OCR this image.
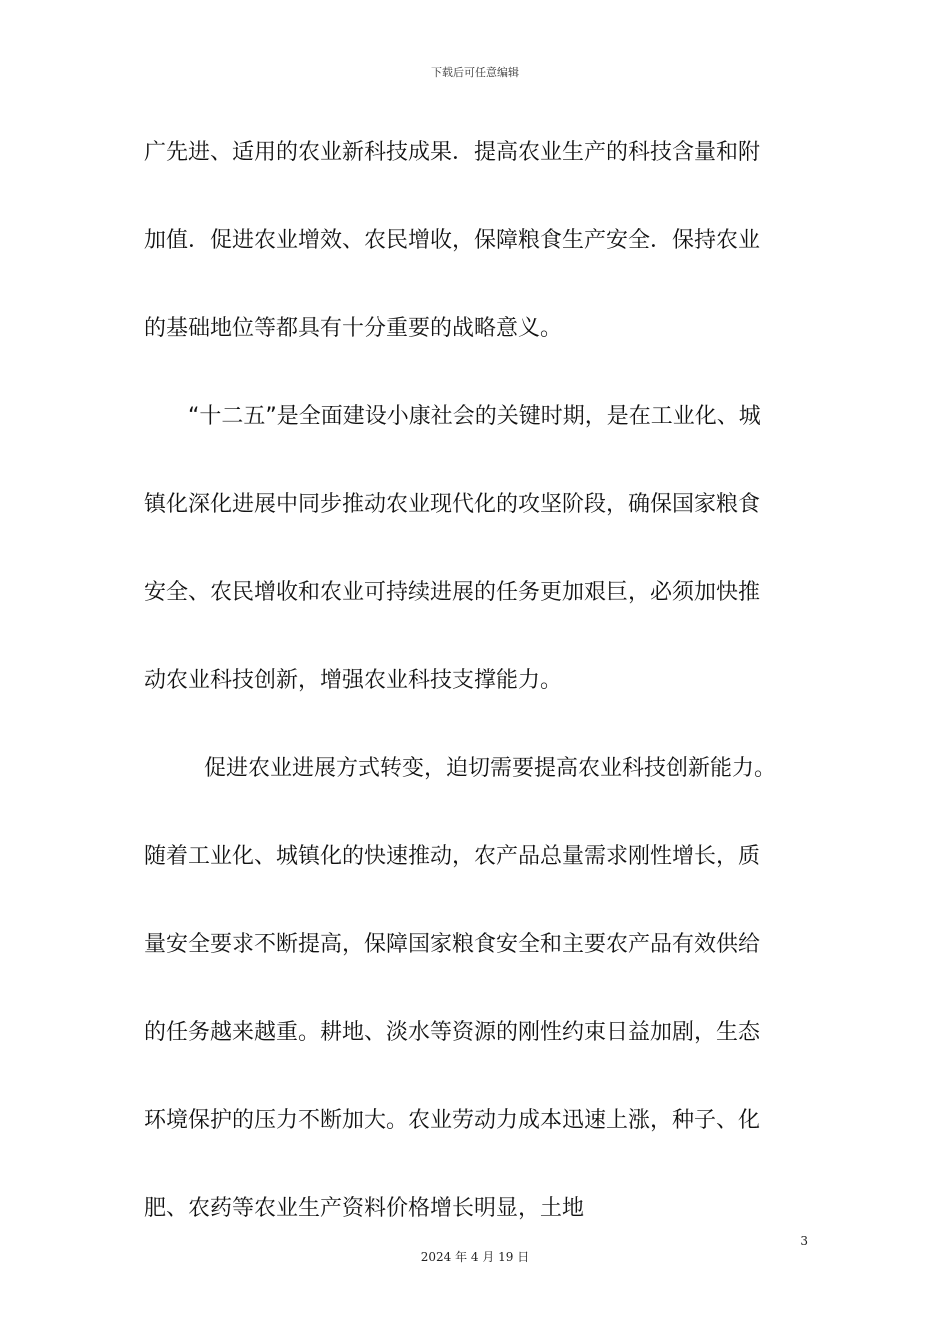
下载后可任意编辑
广先进、适用的农业新科技成果．提高农业生产的科技含量和附
加值．促进农业增效、农民增收，保障粮食生产安全．保持农业
的基础地位等都具有十分重要的战略意义。
“十二五”是全面建设小康社会的关键时期，是在工业化、城
镇化深化进展中同步推动农业现代化的攻坚阶段，确保国家粮食
安全、农民增收和农业可持续进展的任务更加艰巨，必须加快推
动农业科技创新，增强农业科技支撑能力。
促进农业进展方式转变，迫切需要提高农业科技创新能力。
随着工业化、城镇化的快速推动，农产品总量需求刚性增长，质
量安全要求不断提高，保障国家粮食安全和主要农产品有效供给
的任务越来越重。耕地、淡水等资源的刚性约束日益加剧，生态
环境保护的压力不断加大。农业劳动力成本迅速上涨，种子、化
肥、农药等农业生产资料价格增长明显，土地
3
2024 年 4 月 19 日
